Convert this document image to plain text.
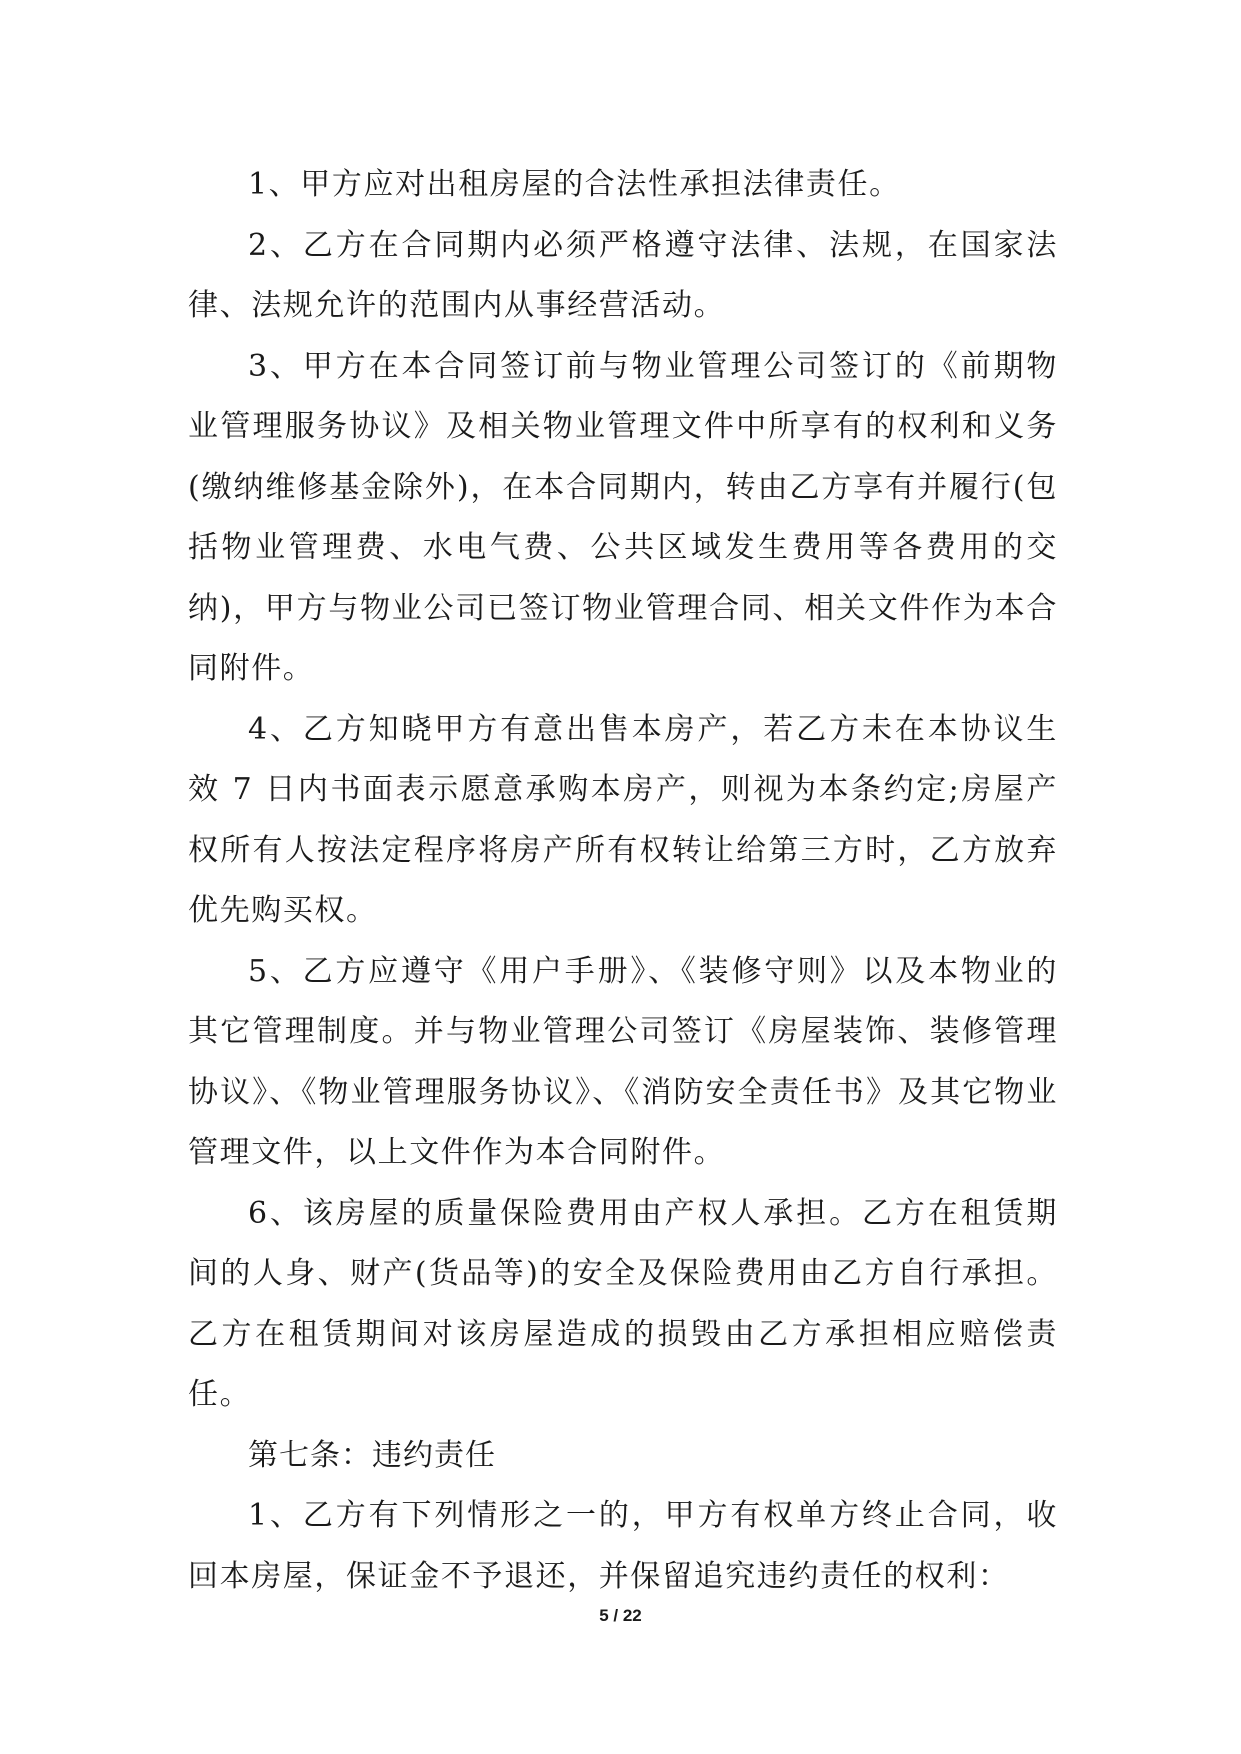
1、甲方应对出租房屋的合法性承担法律责任。

2、乙方在合同期内必须严格遵守法律、法规，在国家法律、法规允许的范围内从事经营活动。

3、甲方在本合同签订前与物业管理公司签订的《前期物业管理服务协议》及相关物业管理文件中所享有的权利和义务(缴纳维修基金除外)，在本合同期内，转由乙方享有并履行(包括物业管理费、水电气费、公共区域发生费用等各费用的交纳)，甲方与物业公司已签订物业管理合同、相关文件作为本合同附件。

4、乙方知晓甲方有意出售本房产，若乙方未在本协议生效 7 日内书面表示愿意承购本房产，则视为本条约定;房屋产权所有人按法定程序将房产所有权转让给第三方时，乙方放弃优先购买权。

5、乙方应遵守《用户手册》、《装修守则》以及本物业的其它管理制度。并与物业管理公司签订《房屋装饰、装修管理协议》、《物业管理服务协议》、《消防安全责任书》及其它物业管理文件，以上文件作为本合同附件。

6、该房屋的质量保险费用由产权人承担。乙方在租赁期间的人身、财产(货品等)的安全及保险费用由乙方自行承担。乙方在租赁期间对该房屋造成的损毁由乙方承担相应赔偿责任。

第七条：违约责任

1、乙方有下列情形之一的，甲方有权单方终止合同，收回本房屋，保证金不予退还，并保留追究违约责任的权利：

5 / 22
